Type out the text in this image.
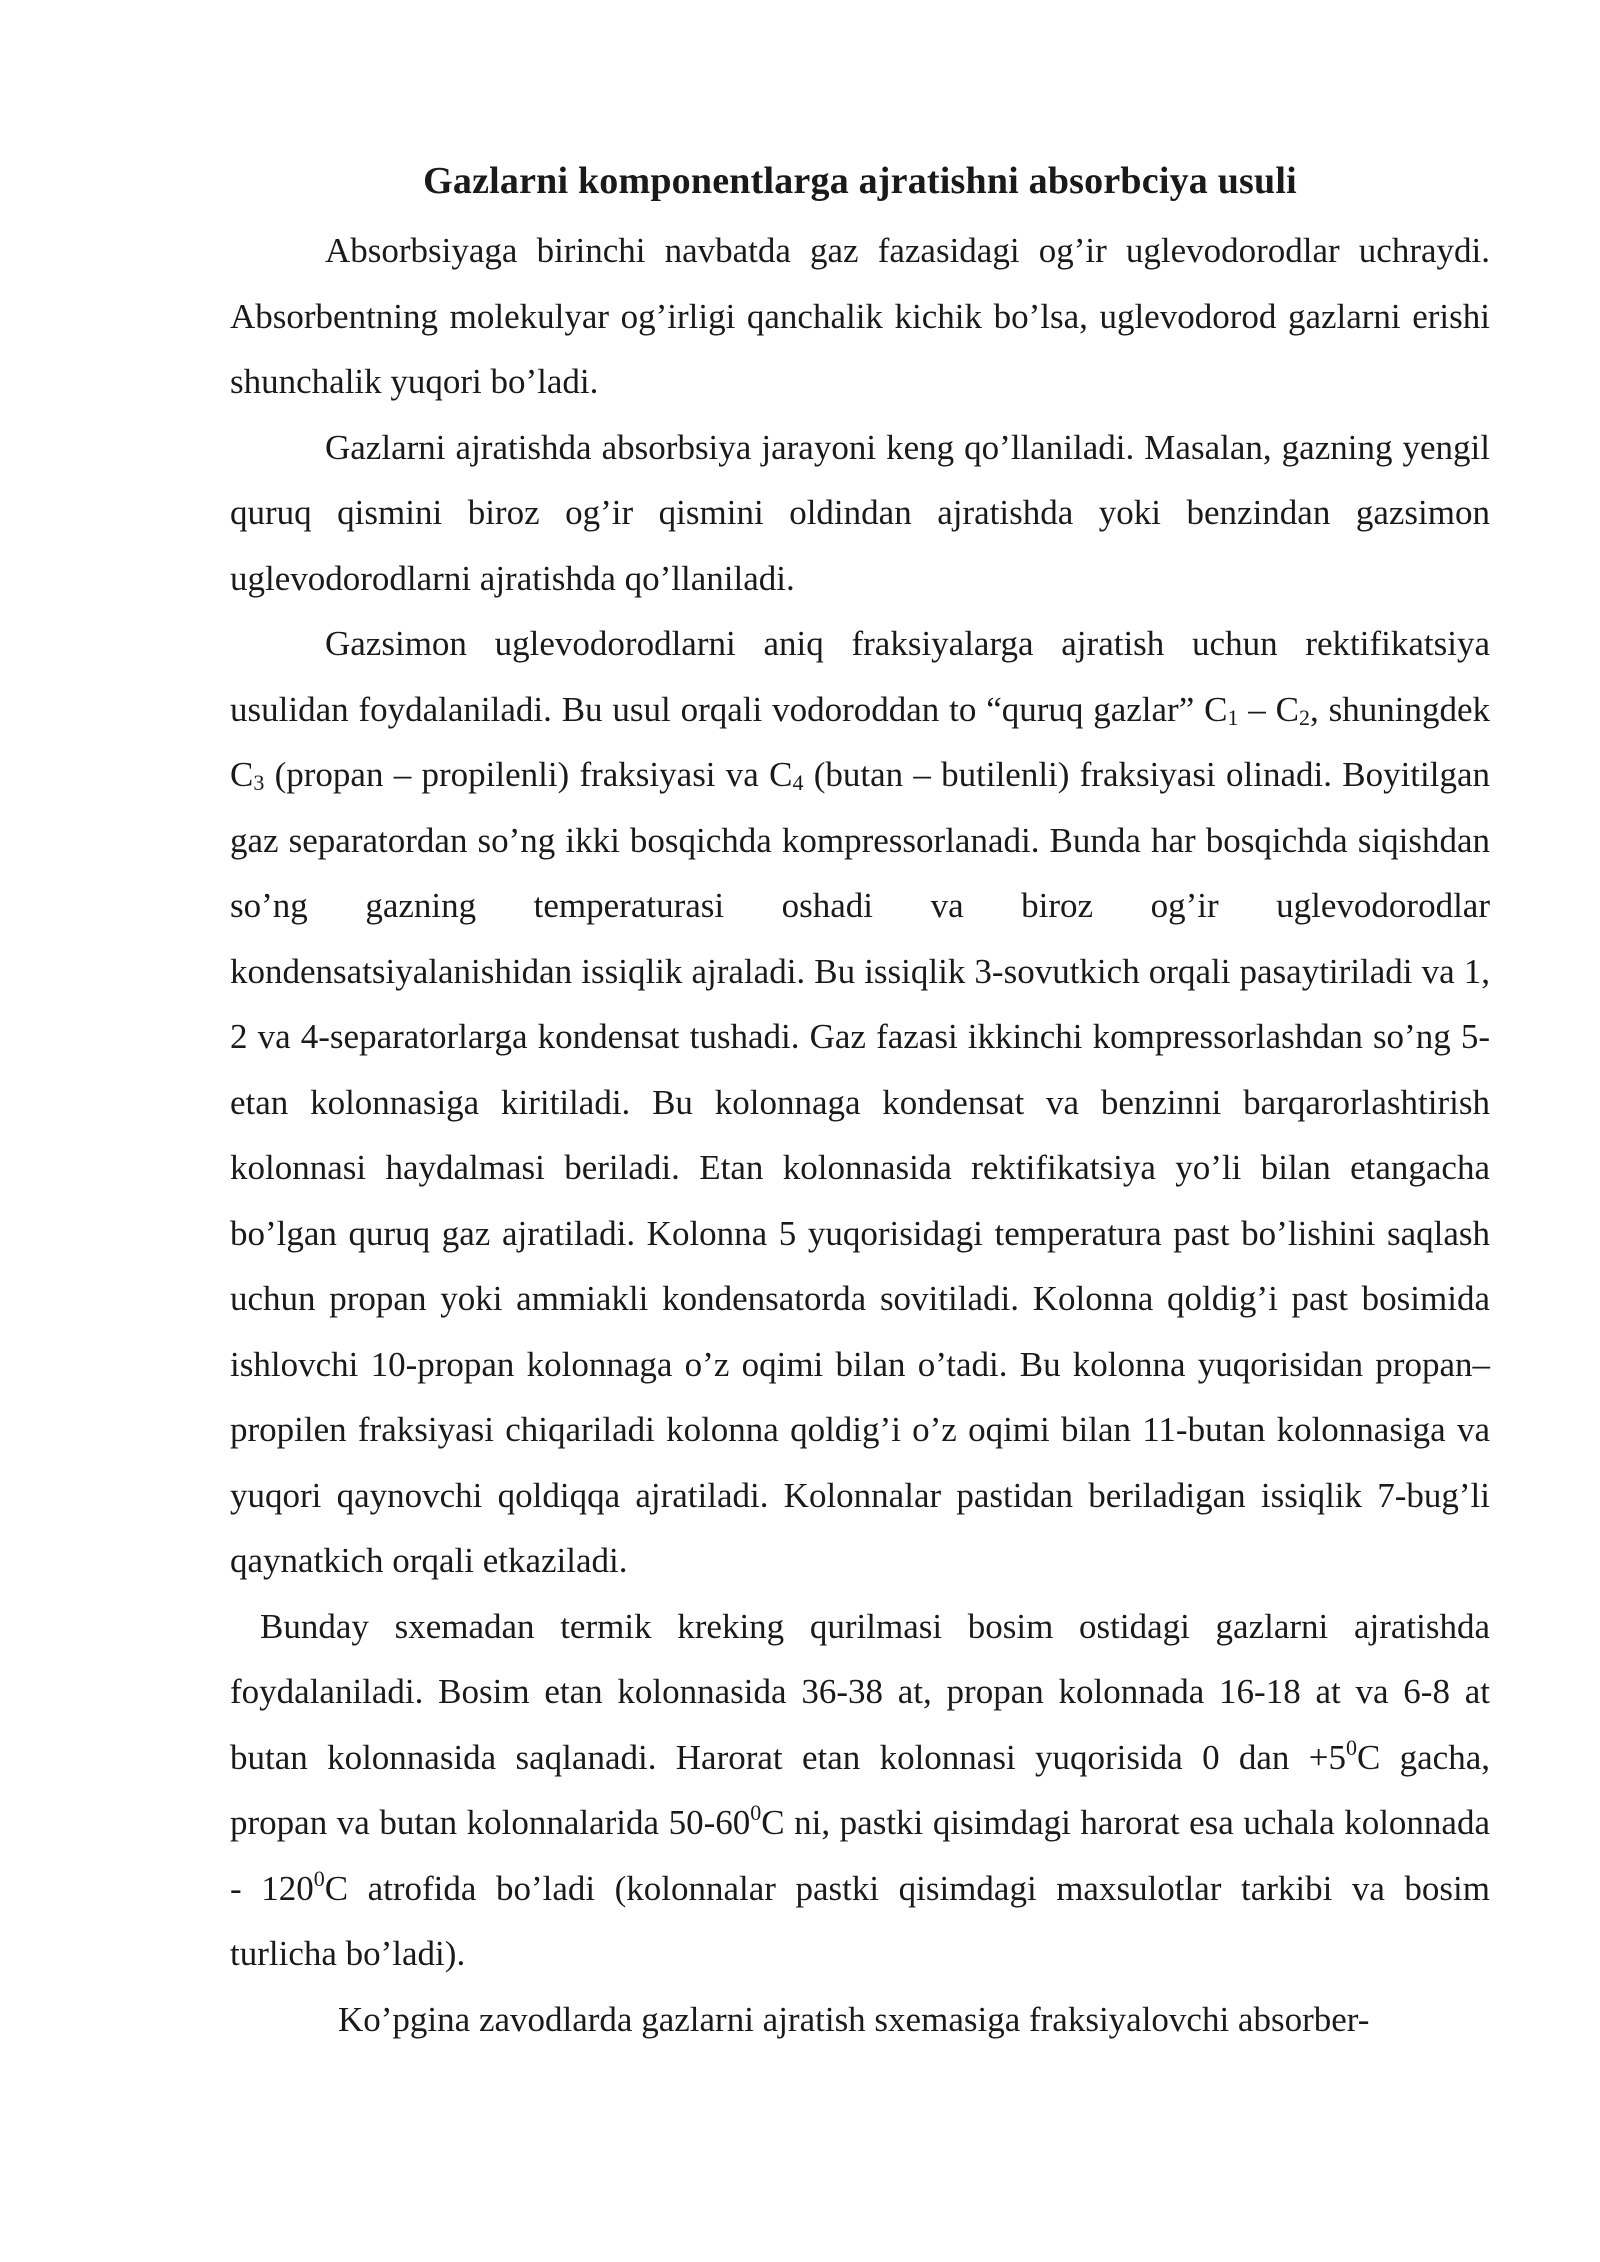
Gazlarni komponentlarga ajratishni absorbciya usuli

Absorbsiyaga birinchi navbatda gaz fazasidagi og’ir uglevodorodlar uchraydi. Absorbentning molekulyar og’irligi qanchalik kichik bo’lsa, uglevodorod gazlarni erishi shunchalik yuqori bo’ladi.

Gazlarni ajratishda absorbsiya jarayoni keng qo’llaniladi. Masalan, gazning yengil quruq qismini biroz og’ir qismini oldindan ajratishda yoki benzindan gazsimon uglevodorodlarni ajratishda qo’llaniladi.

Gazsimon uglevodorodlarni aniq fraksiyalarga ajratish uchun rektifikatsiya usulidan foydalaniladi. Bu usul orqali vodoroddan to “quruq gazlar” C1 – C2, shuningdek C3 (propan – propilenli) fraksiyasi va C4 (butan – butilenli) fraksiyasi olinadi. Boyitilgan gaz separatordan so’ng ikki bosqichda kompressorlanadi. Bunda har bosqichda siqishdan so’ng gazning temperaturasi oshadi va biroz og’ir uglevodorodlar kondensatsiyalanishidan issiqlik ajraladi. Bu issiqlik 3-sovutkich orqali pasaytiriladi va 1, 2 va 4-separatorlarga kondensat tushadi. Gaz fazasi ikkinchi kompressorlashdan so’ng 5-etan kolonnasiga kiritiladi. Bu kolonnaga kondensat va benzinni barqarorlashtirish kolonnasi haydalmasi beriladi. Etan kolonnasida rektifikatsiya yo’li bilan etangacha bo’lgan quruq gaz ajratiladi. Kolonna 5 yuqorisidagi temperatura past bo’lishini saqlash uchun propan yoki ammiakli kondensatorda sovitiladi. Kolonna qoldig’i past bosimida ishlovchi 10-propan kolonnaga o’z oqimi bilan o’tadi. Bu kolonna yuqorisidan propan–propilen fraksiyasi chiqariladi kolonna qoldig’i o’z oqimi bilan 11-butan kolonnasiga va yuqori qaynovchi qoldiqqa ajratiladi. Kolonnalar pastidan beriladigan issiqlik 7-bug’li qaynatkich orqali etkaziladi.

Bunday sxemadan termik kreking qurilmasi bosim ostidagi gazlarni ajratishda foydalaniladi. Bosim etan kolonnasida 36-38 at, propan kolonnada 16-18 at va 6-8 at butan kolonnasida saqlanadi. Harorat etan kolonnasi yuqorisida 0 dan $+5^0C$ gacha, propan va butan kolonnalarida $50-60^0C$ ni, pastki qisimdagi harorat esa uchala kolonnada - $120^0C$ atrofida bo’ladi (kolonnalar pastki qisimdagi maxsulotlar tarkibi va bosim turlicha bo’ladi).

Ko’pgina zavodlarda gazlarni ajratish sxemasiga fraksiyalovchi absorber-
